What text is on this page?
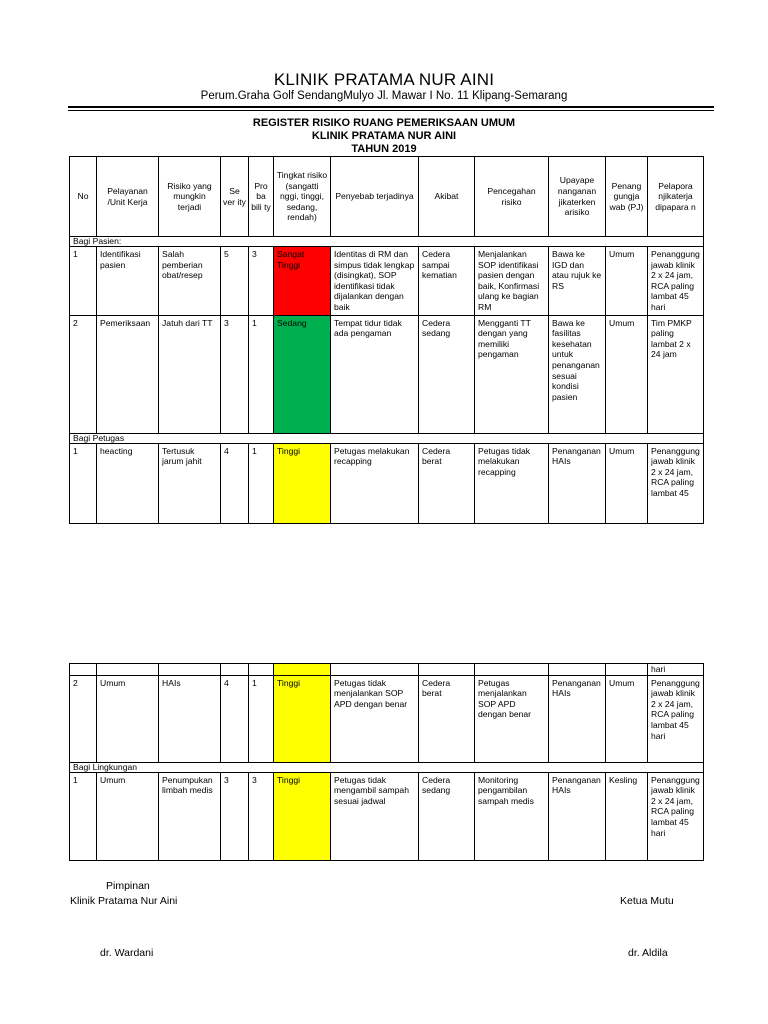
KLINIK PRATAMA NUR AINI
Perum.Graha Golf SendangMulyo Jl. Mawar I No. 11 Klipang-Semarang
REGISTER RISIKO RUANG PEMERIKSAAN UMUM
KLINIK PRATAMA NUR AINI
TAHUN 2019
No	Pelayanan /Unit Kerja	Risiko yang mungkin terjadi	Se ver ity	Pro ba bili ty	Tingkat risiko (sangatti nggi, tinggi, sedang, rendah)	Penyebab terjadinya	Akibat	Pencegahan risiko	Upayape nanganan jikaterken arisiko	Penang gungja wab (PJ)	Pelapora njikaterja dipapara n
Bagi Pasien:											
1	Identifikasi pasien	Salah pemberian obat/resep	5	3	Sangat Tinggi	Identitas di RM dan simpus tidak lengkap (disingkat), SOP identifikasi tidak dijalankan dengan baik	Cedera sampai kematian	Menjalankan SOP identifikasi pasien dengan baik, Konfirmasi ulang ke bagian RM	Bawa ke IGD dan atau rujuk ke RS	Umum	Penanggung jawab klinik 2 x 24 jam, RCA paling lambat 45 hari
2	Pemeriksaan	Jatuh dari TT	3	1	Sedang	Tempat tidur tidak ada pengaman	Cedera sedang	Mengganti TT dengan yang memiliki pengaman	Bawa ke fasilitas kesehatan untuk penanganan sesuai kondisi pasien	Umum	Tim PMKP paling lambat 2 x 24 jam
Bagi Petugas											
1	heacting	Tertusuk jarum jahit	4	1	Tinggi	Petugas melakukan recapping	Cedera berat	Petugas tidak melakukan recapping	Penanganan HAIs	Umum	Penanggung jawab klinik 2 x 24 jam, RCA paling lambat 45
											hari
2	Umum	HAIs	4	1	Tinggi	Petugas tidak menjalankan SOP APD dengan benar	Cedera berat	Petugas menjalankan SOP APD dengan benar	Penanganan HAIs	Umum	Penanggung jawab klinik 2 x 24 jam, RCA paling lambat 45 hari
Bagi Lingkungan											
1	Umum	Penumpukan limbah medis	3	3	Tinggi	Petugas tidak mengambil sampah sesuai jadwal	Cedera sedang	Monitoring pengambilan sampah medis	Penanganan HAIs	Kesling	Penanggung jawab klinik 2 x 24 jam, RCA paling lambat 45 hari
Pimpinan
Klinik Pratama Nur Aini
dr. Wardani
Ketua Mutu
dr. Aldila
